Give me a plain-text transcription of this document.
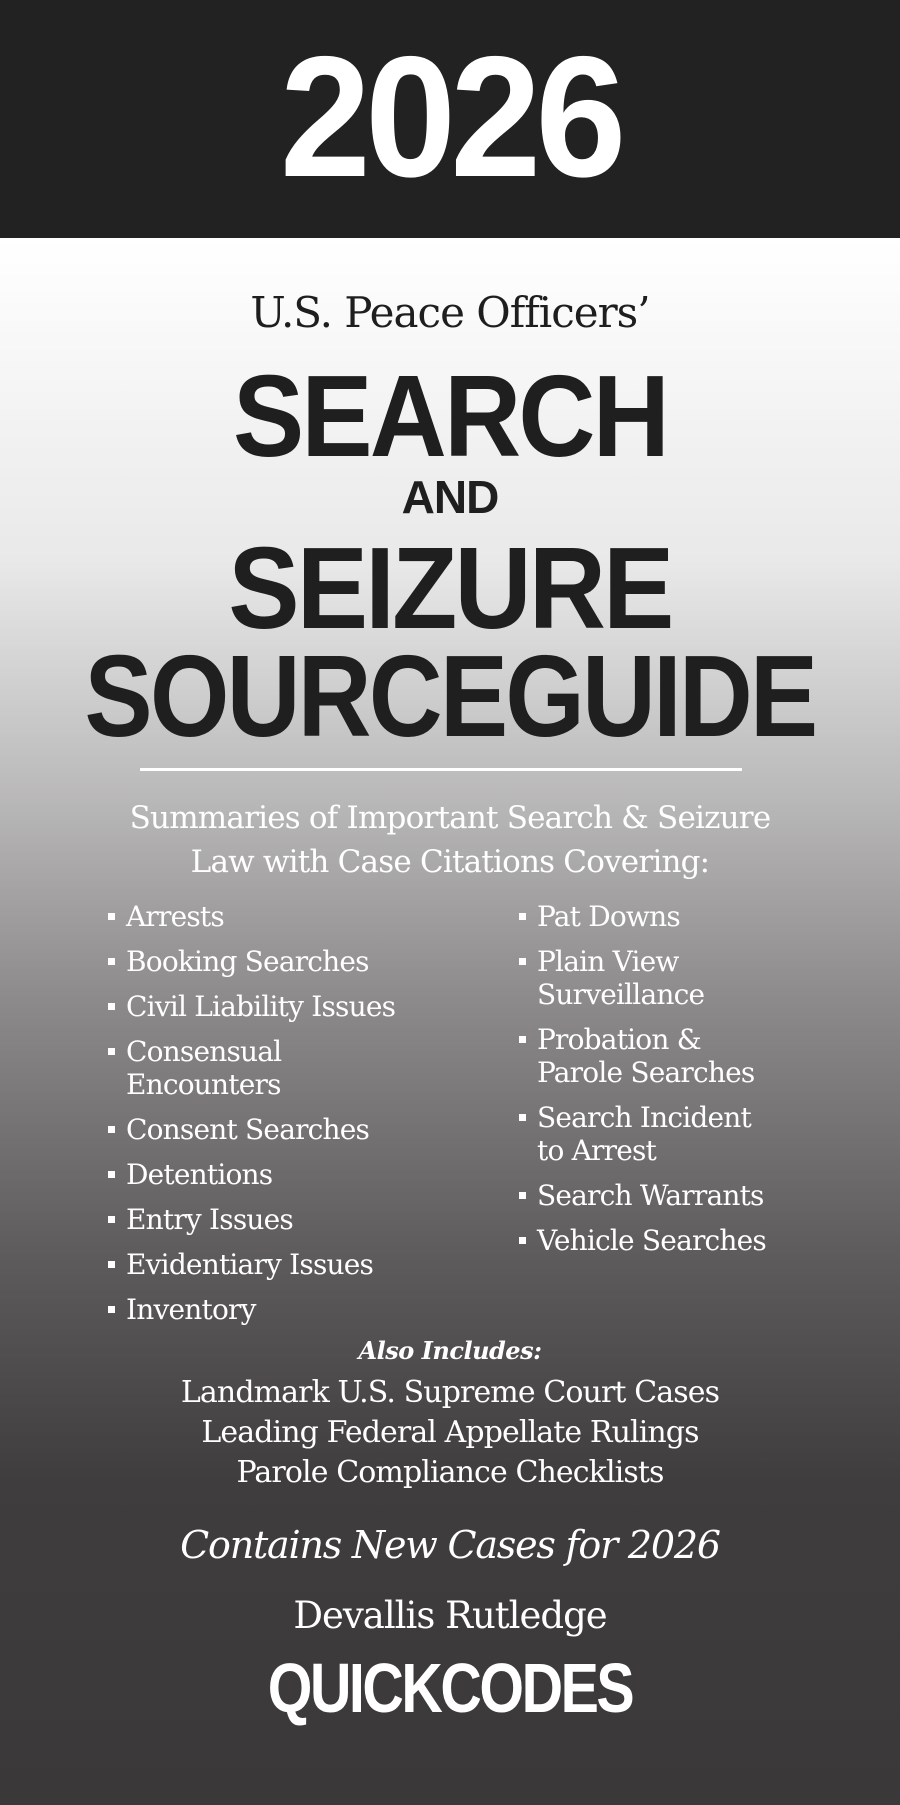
2026
U.S. Peace Officers’
SEARCH
AND
SEIZURE
SOURCEGUIDE
Summaries of Important Search & Seizure
Law with Case Citations Covering:
Arrests
Booking Searches
Civil Liability Issues
Consensual
Encounters
Consent Searches
Detentions
Entry Issues
Evidentiary Issues
Inventory
Pat Downs
Plain View
Surveillance
Probation &
Parole Searches
Search Incident
to Arrest
Search Warrants
Vehicle Searches
Also Includes:
Landmark U.S. Supreme Court Cases
Leading Federal Appellate Rulings
Parole Compliance Checklists
Contains New Cases for 2026
Devallis Rutledge
QUICKCODES
